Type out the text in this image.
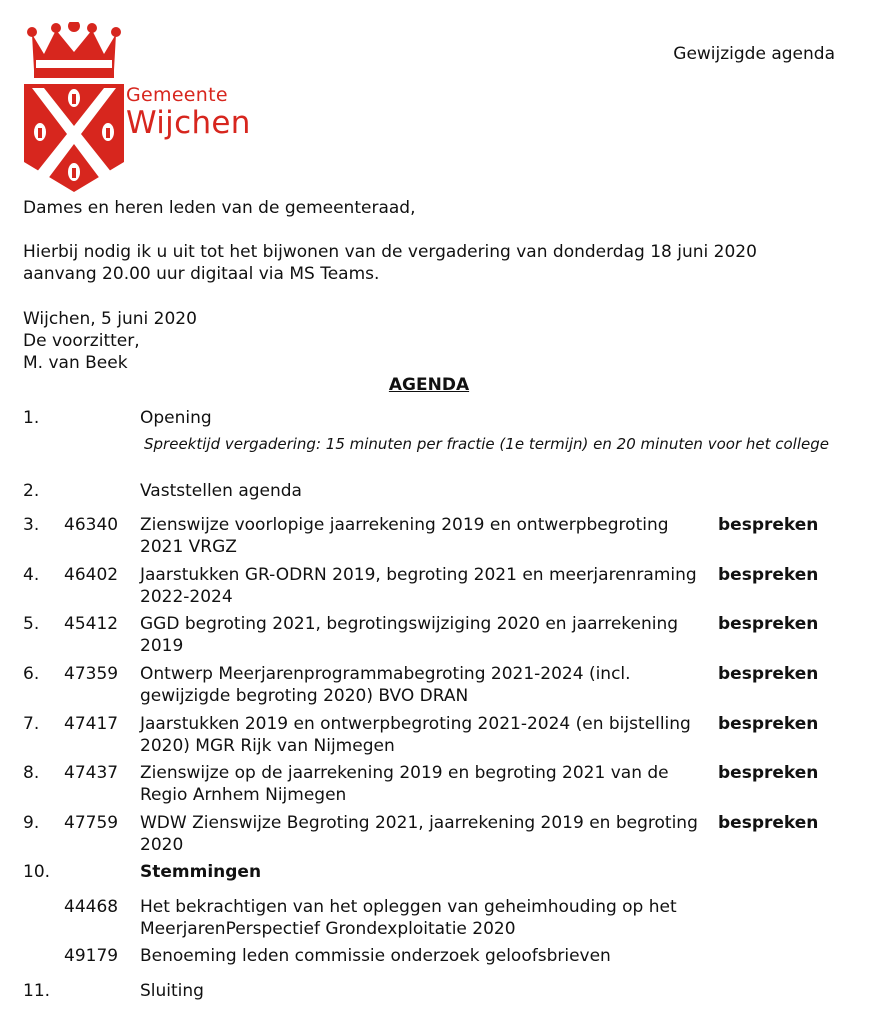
Gemeente
Wijchen
Gewijzigde agenda
Dames en heren leden van de gemeenteraad,
Hierbij nodig ik u uit tot het bijwonen van de vergadering van donderdag 18 juni 2020
aanvang 20.00 uur digitaal via MS Teams.
Wijchen, 5 juni 2020
De voorzitter,
M. van Beek
AGENDA
1.	Opening
Spreektijd vergadering: 15 minuten per fractie (1e termijn) en 20 minuten voor het college
2.	Vaststellen agenda
3. 46340 Zienswijze voorlopige jaarrekening 2019 en ontwerpbegroting 2021 VRGZ
bespreken
4. 46402 Jaarstukken GR-ODRN 2019, begroting 2021 en meerjarenraming 2022-2024
bespreken
5. 45412 GGD begroting 2021, begrotingswijziging 2020 en jaarrekening 2019
bespreken
6. 47359 Ontwerp Meerjarenprogrammabegroting 2021-2024 (incl. gewijzigde begroting 2020) BVO DRAN
bespreken
7. 47417 Jaarstukken 2019 en ontwerpbegroting 2021-2024 (en bijstelling 2020) MGR Rijk van Nijmegen
bespreken
8. 47437 Zienswijze op de jaarrekening 2019 en begroting 2021 van de Regio Arnhem Nijmegen
bespreken
9. 47759 WDW Zienswijze Begroting 2021, jaarrekening 2019 en begroting 2020
bespreken
10.	Stemmingen
44468 Het bekrachtigen van het opleggen van geheimhouding op het MeerjarenPerspectief Grondexploitatie 2020
49179 Benoeming leden commissie onderzoek geloofsbrieven
11.	Sluiting
